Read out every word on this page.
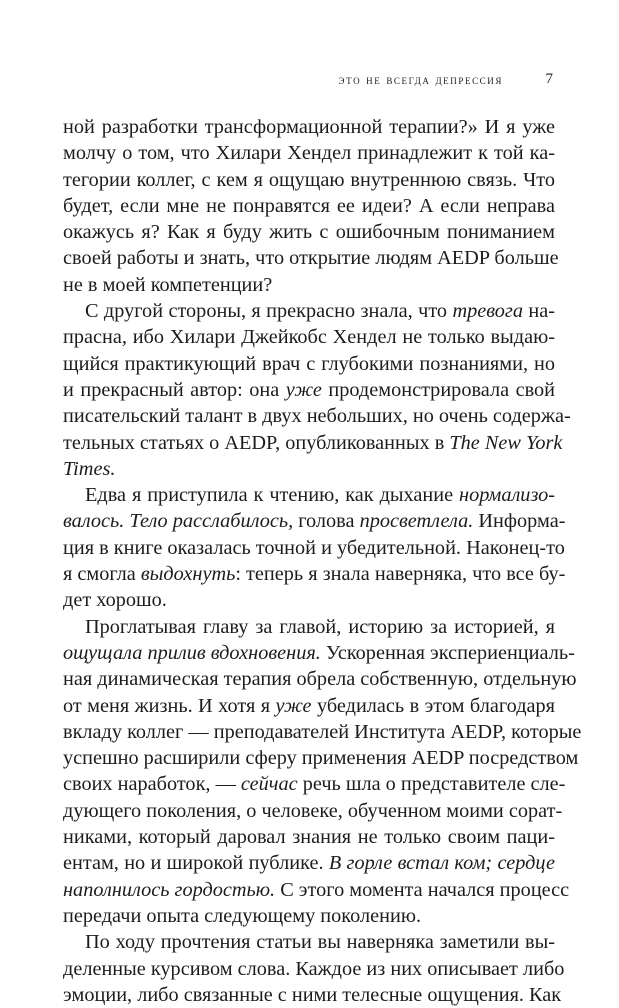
это не всегда депрессия	7
ной разработки трансформационной терапии?» И я уже
молчу о том, что Хилари Хендел принадлежит к той ка-
тегории коллег, с кем я ощущаю внутреннюю связь. Что
будет, если мне не понравятся ее идеи? А если неправа
окажусь я? Как я буду жить с ошибочным пониманием
своей работы и знать, что открытие людям AEDP больше
не в моей компетенции?
С другой стороны, я прекрасно знала, что тревога на-
прасна, ибо Хилари Джейкобс Хендел не только выдаю-
щийся практикующий врач с глубокими познаниями, но
и прекрасный автор: она уже продемонстрировала свой
писательский талант в двух небольших, но очень содержа-
тельных статьях о AEDP, опубликованных в The New York
Times.
Едва я приступила к чтению, как дыхание нормализо-
валось. Тело расслабилось, голова просветлела. Информа-
ция в книге оказалась точной и убедительной. Наконец-то
я смогла выдохнуть: теперь я знала наверняка, что все бу-
дет хорошо.
Проглатывая главу за главой, историю за историей, я
ощущала прилив вдохновения. Ускоренная экспериенциаль-
ная динамическая терапия обрела собственную, отдельную
от меня жизнь. И хотя я уже убедилась в этом благодаря
вкладу коллег — преподавателей Института AEDP, которые
успешно расширили сферу применения AEDP посредством
своих наработок, — сейчас речь шла о представителе сле-
дующего поколения, о человеке, обученном моими сорат-
никами, который даровал знания не только своим паци-
ентам, но и широкой публике. В горле встал ком; сердце
наполнилось гордостью. С этого момента начался процесс
передачи опыта следующему поколению.
По ходу прочтения статьи вы наверняка заметили вы-
деленные курсивом слова. Каждое из них описывает либо
эмоции, либо связанные с ними телесные ощущения. Как
